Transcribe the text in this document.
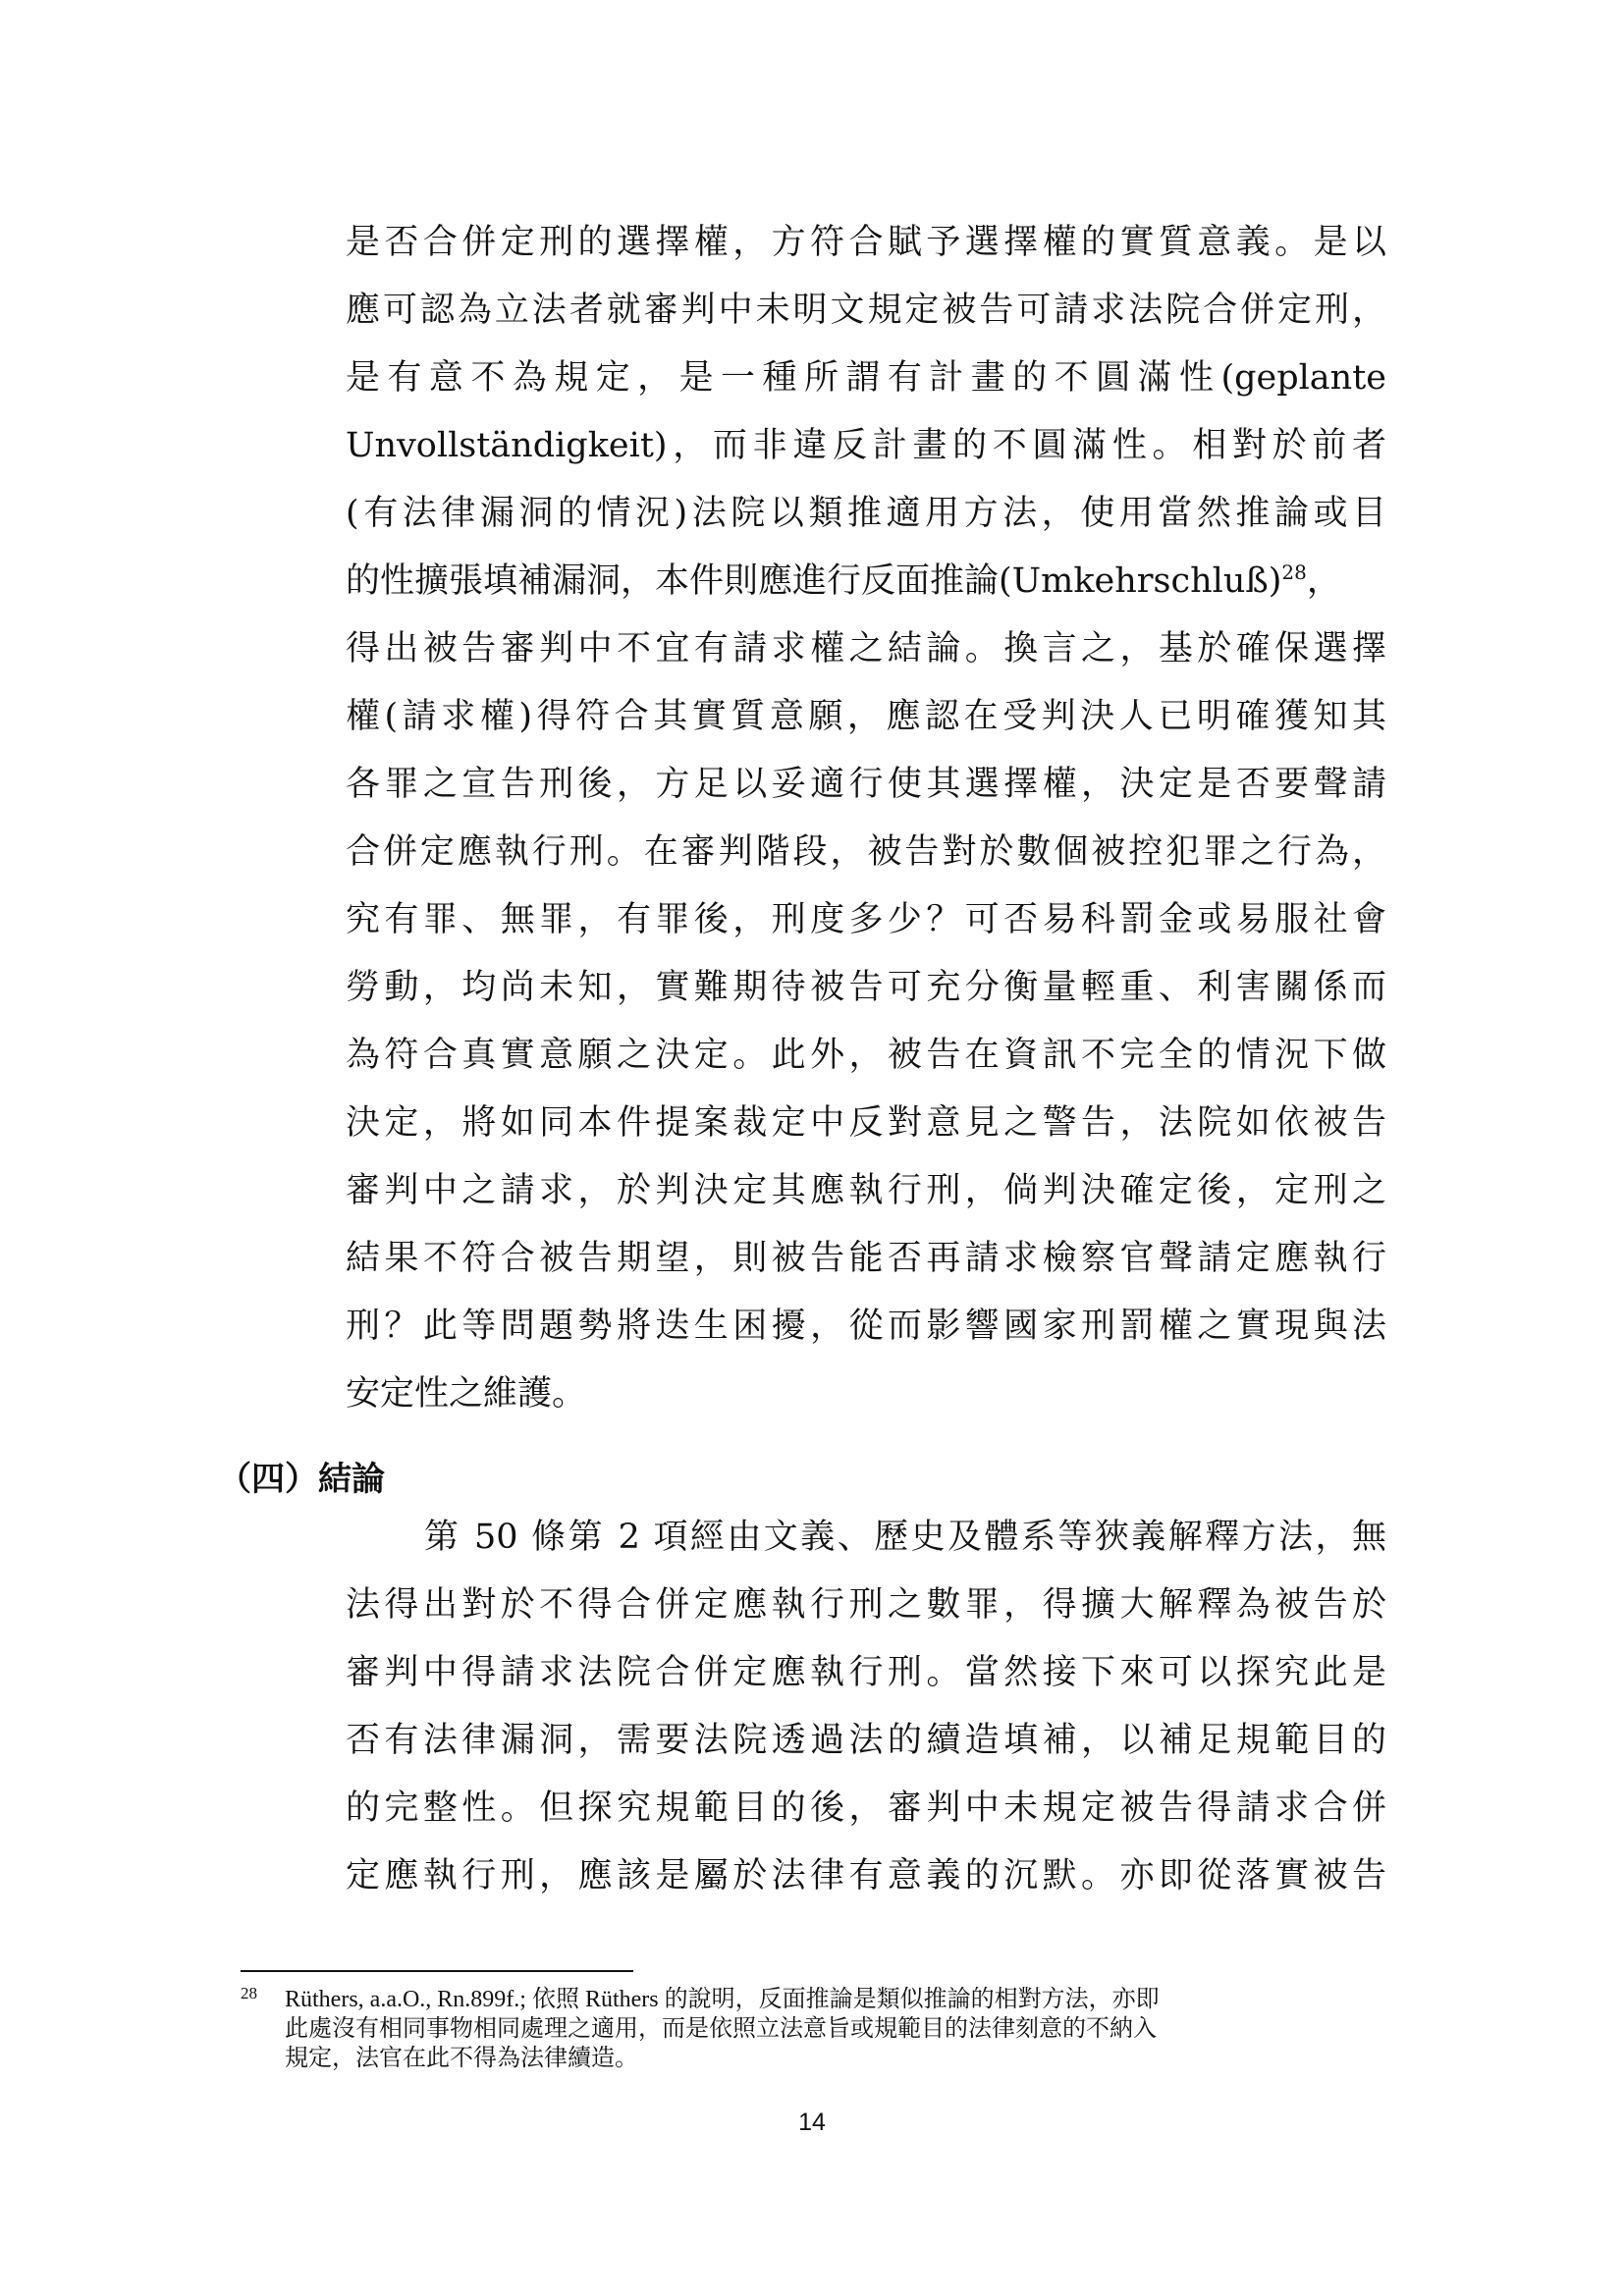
是否合併定刑的選擇權，方符合賦予選擇權的實質意義。是以
應可認為立法者就審判中未明文規定被告可請求法院合併定刑，
是有意不為規定，是一種所謂有計畫的不圓滿性(geplante
Unvollständigkeit)，而非違反計畫的不圓滿性。相對於前者
(有法律漏洞的情況)法院以類推適用方法，使用當然推論或目
的性擴張填補漏洞，本件則應進行反面推論(Umkehrschluß)$^{28}$，
得出被告審判中不宜有請求權之結論。換言之，基於確保選擇
權(請求權)得符合其實質意願，應認在受判決人已明確獲知其
各罪之宣告刑後，方足以妥適行使其選擇權，決定是否要聲請
合併定應執行刑。在審判階段，被告對於數個被控犯罪之行為，
究有罪、無罪，有罪後，刑度多少？可否易科罰金或易服社會
勞動，均尚未知，實難期待被告可充分衡量輕重、利害關係而
為符合真實意願之決定。此外，被告在資訊不完全的情況下做
決定，將如同本件提案裁定中反對意見之警告，法院如依被告
審判中之請求，於判決定其應執行刑，倘判決確定後，定刑之
結果不符合被告期望，則被告能否再請求檢察官聲請定應執行
刑？此等問題勢將迭生困擾，從而影響國家刑罰權之實現與法
安定性之維護。
（四）結論
第 50 條第 2 項經由文義、歷史及體系等狹義解釋方法，無
法得出對於不得合併定應執行刑之數罪，得擴大解釋為被告於
審判中得請求法院合併定應執行刑。當然接下來可以探究此是
否有法律漏洞，需要法院透過法的續造填補，以補足規範目的
的完整性。但探究規範目的後，審判中未規定被告得請求合併
定應執行刑，應該是屬於法律有意義的沉默。亦即從落實被告
28 Rüthers, a.a.O., Rn.899f.; 依照 Rüthers 的說明，反面推論是類似推論的相對方法，亦即
此處沒有相同事物相同處理之適用，而是依照立法意旨或規範目的法律刻意的不納入
規定，法官在此不得為法律續造。
14
